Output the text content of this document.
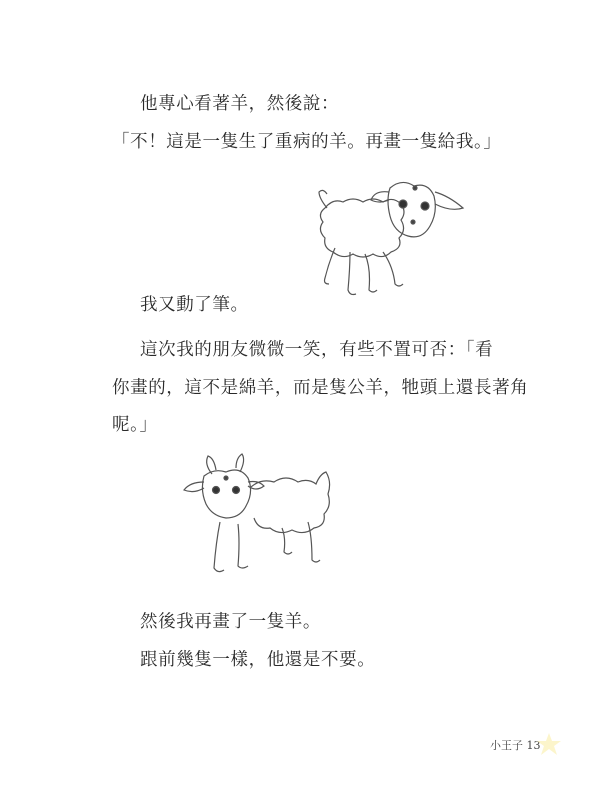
他專心看著羊，然後說：
「不！這是一隻生了重病的羊。再畫一隻給我。」
我又動了筆。
這次我的朋友微微一笑，有些不置可否：「看
你畫的，這不是綿羊，而是隻公羊，牠頭上還長著角
呢。」
然後我再畫了一隻羊。
跟前幾隻一樣，他還是不要。
小王子 13
